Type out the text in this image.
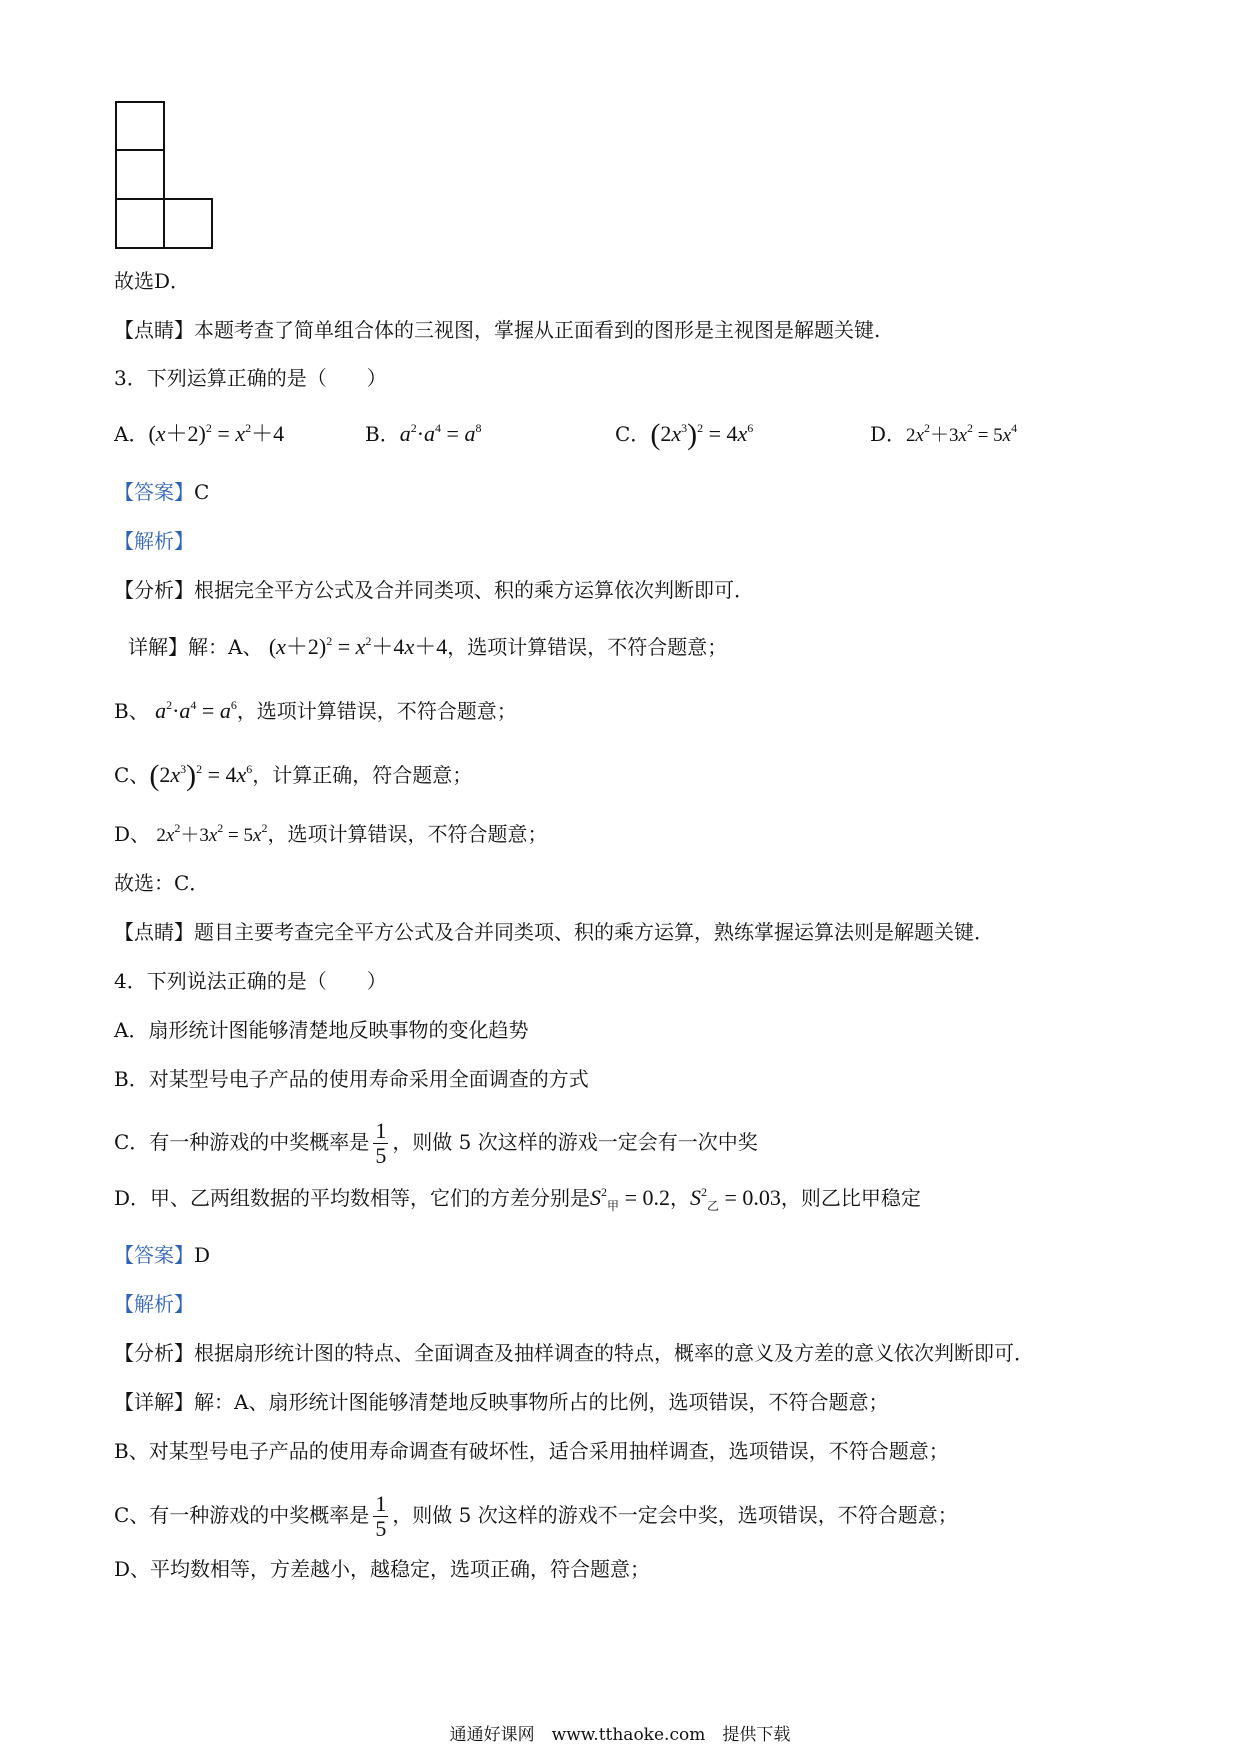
故选D．
【点睛】本题考查了简单组合体的三视图，掌握从正面看到的图形是主视图是解题关键.
3．下列运算正确的是（　　）
A．$(x+2)^2 = x^2+4$	B．$a^2\cdot a^4 = a^8$	C．$(2x^3)^2 = 4x^6$	D．$2x^2+3x^2 = 5x^4$
【答案】C
【解析】
【分析】根据完全平方公式及合并同类项、积的乘方运算依次判断即可．
详解】解：A、 $(x+2)^2 = x^2+4x+4$，选项计算错误，不符合题意；
B、 $a^2\cdot a^4 = a^6$，选项计算错误，不符合题意；
C、$(2x^3)^2 = 4x^6$，计算正确，符合题意；
D、 $2x^2+3x^2 = 5x^2$，选项计算错误，不符合题意；
故选：C．
【点睛】题目主要考查完全平方公式及合并同类项、积的乘方运算，熟练掌握运算法则是解题关键．
4．下列说法正确的是（　　）
A．扇形统计图能够清楚地反映事物的变化趋势
B．对某型号电子产品的使用寿命采用全面调查的方式
C．有一种游戏的中奖概率是 $\frac{1}{5}$ ，则做 5 次这样的游戏一定会有一次中奖
D．甲、乙两组数据的平均数相等，它们的方差分别是$S^2_甲 = 0.2$，$S^2_乙 = 0.03$，则乙比甲稳定
【答案】D
【解析】
【分析】根据扇形统计图的特点、全面调查及抽样调查的特点，概率的意义及方差的意义依次判断即可．
【详解】解：A、扇形统计图能够清楚地反映事物所占的比例，选项错误，不符合题意；
B、对某型号电子产品的使用寿命调查有破坏性，适合采用抽样调查，选项错误，不符合题意；
C、有一种游戏的中奖概率是 $\frac{1}{5}$ ，则做 5 次这样的游戏不一定会中奖，选项错误，不符合题意；
D、平均数相等，方差越小，越稳定，选项正确，符合题意；
通通好课网　www.tthaoke.com　提供下载
